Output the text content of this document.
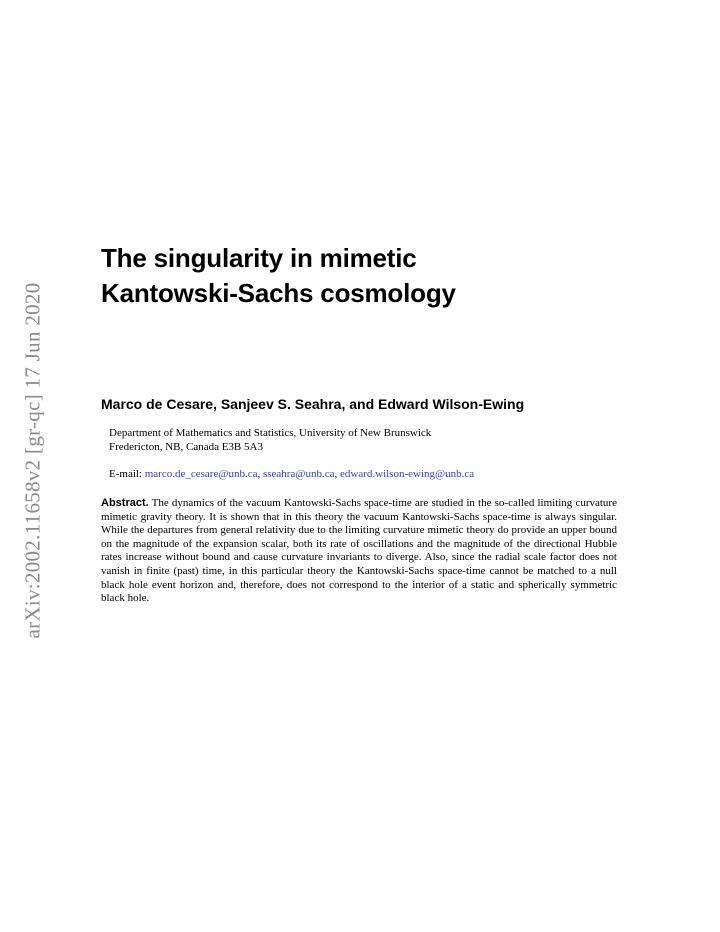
arXiv:2002.11658v2 [gr-qc] 17 Jun 2020
The singularity in mimetic
Kantowski-Sachs cosmology

Marco de Cesare, Sanjeev S. Seahra, and Edward Wilson-Ewing

Department of Mathematics and Statistics, University of New Brunswick
Fredericton, NB, Canada E3B 5A3
E-mail: marco.de_cesare@unb.ca, sseahra@unb.ca, edward.wilson-ewing@unb.ca

Abstract. The dynamics of the vacuum Kantowski-Sachs space-time are studied in the so-called limiting curvature mimetic gravity theory. It is shown that in this theory the vacuum Kantowski-Sachs space-time is always singular. While the departures from general relativity due to the limiting curvature mimetic theory do provide an upper bound on the magnitude of the expansion scalar, both its rate of oscillations and the magnitude of the directional Hubble rates increase without bound and cause curvature invariants to diverge. Also, since the radial scale factor does not vanish in finite (past) time, in this particular theory the Kantowski-Sachs space-time cannot be matched to a null black hole event horizon and, therefore, does not correspond to the interior of a static and spherically symmetric black hole.
